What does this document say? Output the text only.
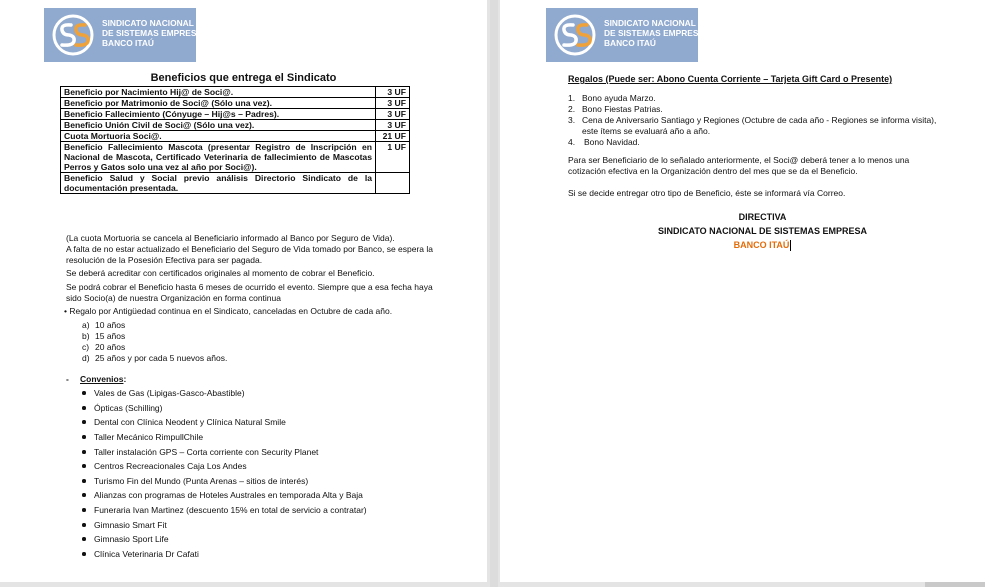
SINDICATO NACIONAL
DE SISTEMAS EMPRESA
BANCO ITAÚ
Beneficios que entrega el Sindicato
Beneficio por Nacimiento Hij@ de Soci@.	3 UF
Beneficio por Matrimonio de Soci@ (Sólo una vez).	3 UF
Beneficio Fallecimiento (Cónyuge – Hij@s – Padres).	3 UF
Beneficio Unión Civil de Soci@ (Sólo una vez).	3 UF
Cuota Mortuoria Soci@.	21 UF
Beneficio Fallecimiento Mascota (presentar Registro de Inscripción en Nacional de Mascota, Certificado Veterinaria de fallecimiento de Mascotas Perros y Gatos solo una vez al año por Soci@).	1 UF
Beneficio Salud y Social previo análisis Directorio Sindicato de la documentación presentada.	
(La cuota Mortuoria se cancela al Beneficiario informado al Banco por Seguro de Vida).
A falta de no estar actualizado el Beneficiario del Seguro de Vida tomado por Banco, se espera la
resolución de la Posesión Efectiva para ser pagada.
Se deberá acreditar con certificados originales al momento de cobrar el Beneficio.
Se podrá cobrar el Beneficio hasta 6 meses de ocurrido el evento. Siempre que a esa fecha haya
sido Socio(a) de nuestra Organización en forma continua
• Regalo por Antigüedad continua en el Sindicato, canceladas en Octubre de cada año.
a) 10 años
b) 15 años
c) 20 años
d) 25 años y por cada 5 nuevos años.
- Convenios:
Vales de Gas (Lipigas-Gasco-Abastible)
Ópticas (Schilling)
Dental con Clínica Neodent y Clínica Natural Smile
Taller Mecánico RimpullChile
Taller instalación GPS – Corta corriente con Security Planet
Centros Recreacionales Caja Los Andes
Turismo Fin del Mundo (Punta Arenas – sitios de interés)
Alianzas con programas de Hoteles Australes en temporada Alta y Baja
Funeraria Ivan Martinez (descuento 15% en total de servicio a contratar)
Gimnasio Smart Fit
Gimnasio Sport Life
Clínica Veterinaria Dr Cafati
SINDICATO NACIONAL
DE SISTEMAS EMPRESA
BANCO ITAÚ
Regalos (Puede ser: Abono Cuenta Corriente – Tarjeta Gift Card o Presente)
1. Bono ayuda Marzo.
2. Bono Fiestas Patrias.
3. Cena de Aniversario Santiago y Regiones (Octubre de cada año - Regiones se informa visita),
este ítems se evaluará año a año.
4. Bono Navidad.
Para ser Beneficiario de lo señalado anteriormente, el Soci@ deberá tener a lo menos una
cotización efectiva en la Organización dentro del mes que se da el Beneficio.
Si se decide entregar otro tipo de Beneficio, éste se informará vía Correo.
DIRECTIVA
SINDICATO NACIONAL DE SISTEMAS EMPRESA
BANCO ITAÚ
